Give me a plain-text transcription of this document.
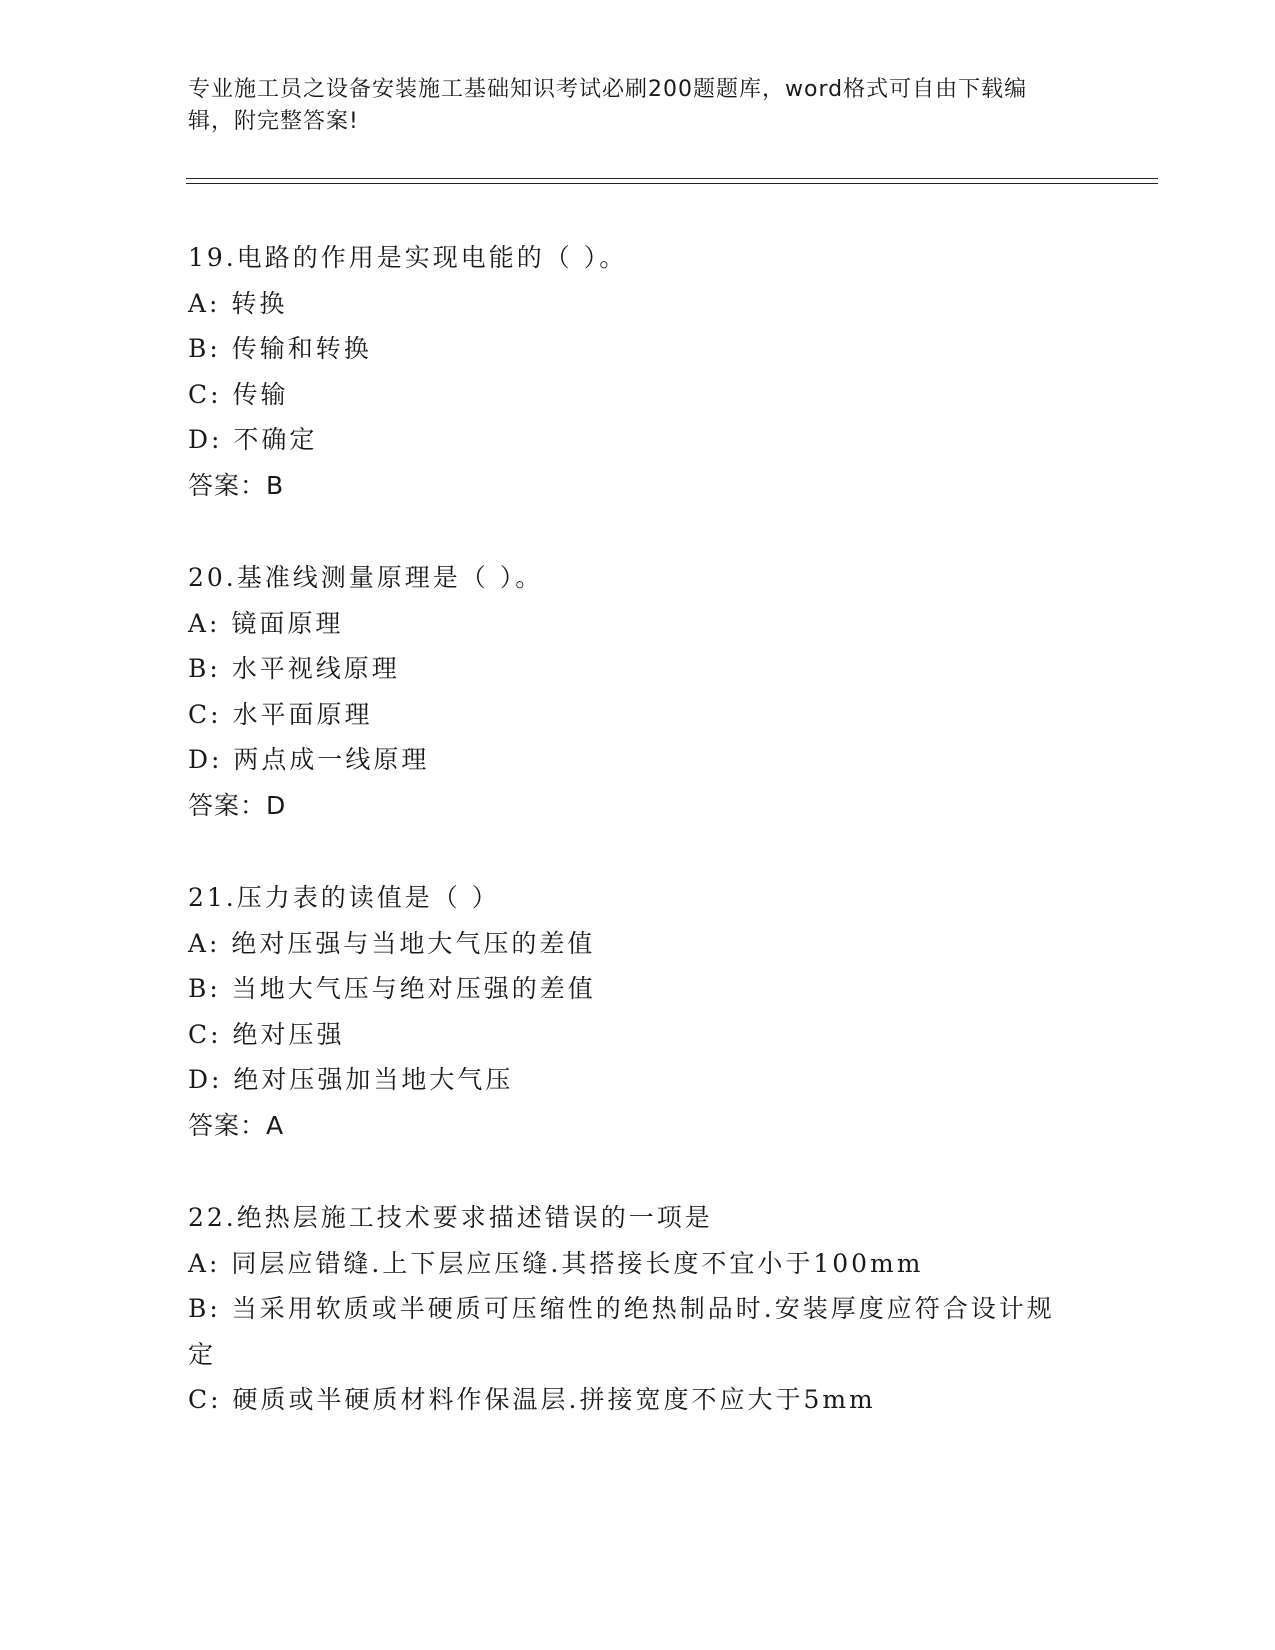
专业施工员之设备安装施工基础知识考试必刷200题题库，word格式可自由下载编辑，附完整答案!
19.电路的作用是实现电能的（ ）。
A: 转换
B: 传输和转换
C: 传输
D: 不确定
答案：B
20.基准线测量原理是（ ）。
A: 镜面原理
B: 水平视线原理
C: 水平面原理
D: 两点成一线原理
答案：D
21.压力表的读值是（ ）
A: 绝对压强与当地大气压的差值
B: 当地大气压与绝对压强的差值
C: 绝对压强
D: 绝对压强加当地大气压
答案：A
22.绝热层施工技术要求描述错误的一项是
A: 同层应错缝.上下层应压缝.其搭接长度不宜小于100mm
B: 当采用软质或半硬质可压缩性的绝热制品时.安装厚度应符合设计规定
C: 硬质或半硬质材料作保温层.拼接宽度不应大于5mm
